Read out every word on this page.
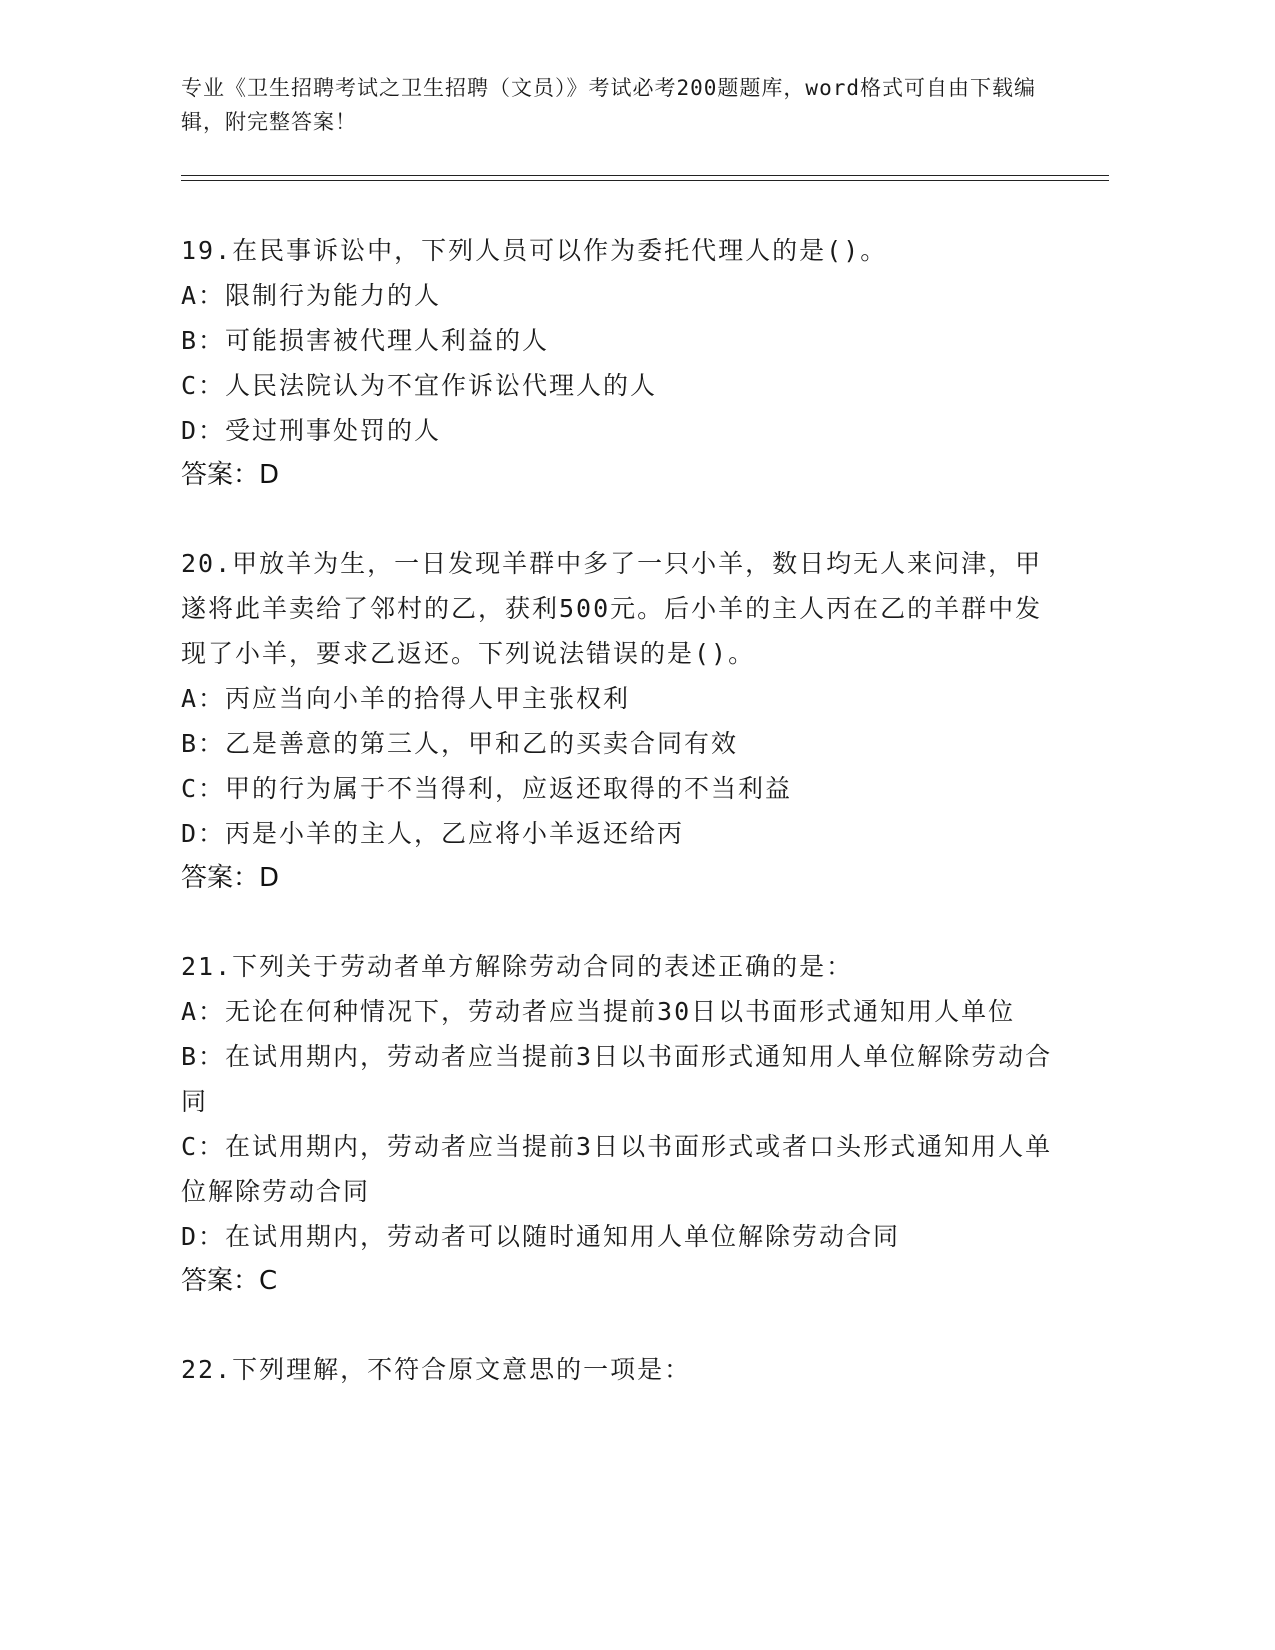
专业《卫生招聘考试之卫生招聘（文员）》考试必考200题题库，word格式可自由下载编辑，附完整答案！
19.在民事诉讼中，下列人员可以作为委托代理人的是()。
A：限制行为能力的人
B：可能损害被代理人利益的人
C：人民法院认为不宜作诉讼代理人的人
D：受过刑事处罚的人
答案：D
20.甲放羊为生，一日发现羊群中多了一只小羊，数日均无人来问津，甲遂将此羊卖给了邻村的乙，获利500元。后小羊的主人丙在乙的羊群中发现了小羊，要求乙返还。下列说法错误的是()。
A：丙应当向小羊的拾得人甲主张权利
B：乙是善意的第三人，甲和乙的买卖合同有效
C：甲的行为属于不当得利，应返还取得的不当利益
D：丙是小羊的主人，乙应将小羊返还给丙
答案：D
21.下列关于劳动者单方解除劳动合同的表述正确的是：
A：无论在何种情况下，劳动者应当提前30日以书面形式通知用人单位
B：在试用期内，劳动者应当提前3日以书面形式通知用人单位解除劳动合同
C：在试用期内，劳动者应当提前3日以书面形式或者口头形式通知用人单位解除劳动合同
D：在试用期内，劳动者可以随时通知用人单位解除劳动合同
答案：C
22.下列理解，不符合原文意思的一项是：
